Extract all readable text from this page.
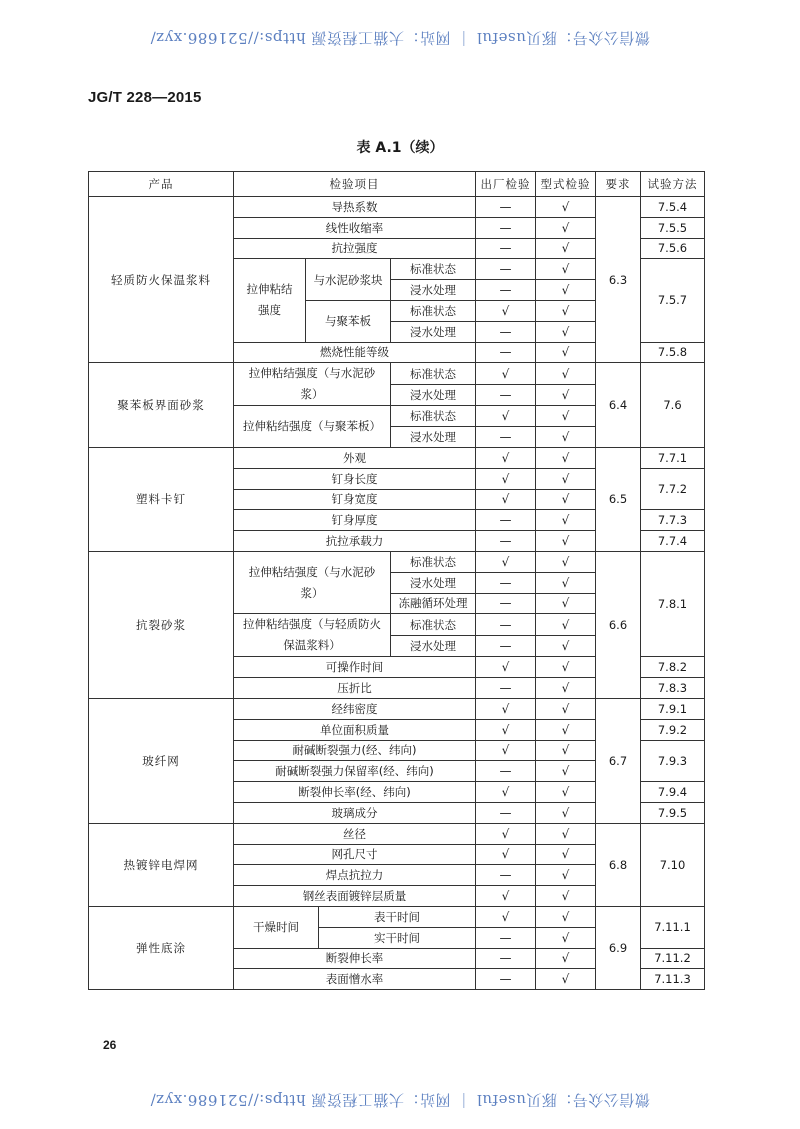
微信公众号：豚贝useful ｜ 网站：大猫工程资源 https://521686.xyz/
JG/T 228—2015
表 A.1（续）
产品	检验项目				出厂检验	型式检验	要求	试验方法
轻质防火保温浆料	导热系数				—	√	6.3	7.5.4
	线性收缩率				—	√		7.5.5
	抗拉强度				—	√		7.5.6
	拉伸粘结强度	与水泥砂浆块		标准状态	—	√		7.5.7
				浸水处理	—	√		
		与聚苯板		标准状态	√	√		
				浸水处理	—	√		
	燃烧性能等级				—	√		7.5.8
聚苯板界面砂浆	拉伸粘结强度（与水泥砂浆）			标准状态	√	√	6.4	7.6
				浸水处理	—	√		
	拉伸粘结强度（与聚苯板）			标准状态	√	√		
				浸水处理	—	√		
塑料卡钉	外观				√	√	6.5	7.7.1
	钉身长度				√	√		7.7.2
	钉身宽度				√	√		
	钉身厚度				—	√		7.7.3
	抗拉承载力				—	√		7.7.4
抗裂砂浆	拉伸粘结强度（与水泥砂浆）			标准状态	√	√	6.6	7.8.1
				浸水处理	—	√		
				冻融循环处理	—	√		
	拉伸粘结强度（与轻质防火保温浆料）			标准状态	—	√		
				浸水处理	—	√		
	可操作时间				√	√		7.8.2
	压折比				—	√		7.8.3
玻纤网	经纬密度				√	√	6.7	7.9.1
	单位面积质量				√	√		7.9.2
	耐碱断裂强力(经、纬向)				√	√		7.9.3
	耐碱断裂强力保留率(经、纬向)				—	√		
	断裂伸长率(经、纬向)				√	√		7.9.4
	玻璃成分				—	√		7.9.5
热镀锌电焊网	丝径				√	√	6.8	7.10
	网孔尺寸				√	√		
	焊点抗拉力				—	√		
	钢丝表面镀锌层质量				√	√		
弹性底涂	干燥时间		表干时间		√	√	6.9	7.11.1
			实干时间		—	√		
	断裂伸长率				—	√		7.11.2
	表面憎水率				—	√		7.11.3
26
微信公众号：豚贝useful ｜ 网站：大猫工程资源 https://521686.xyz/
